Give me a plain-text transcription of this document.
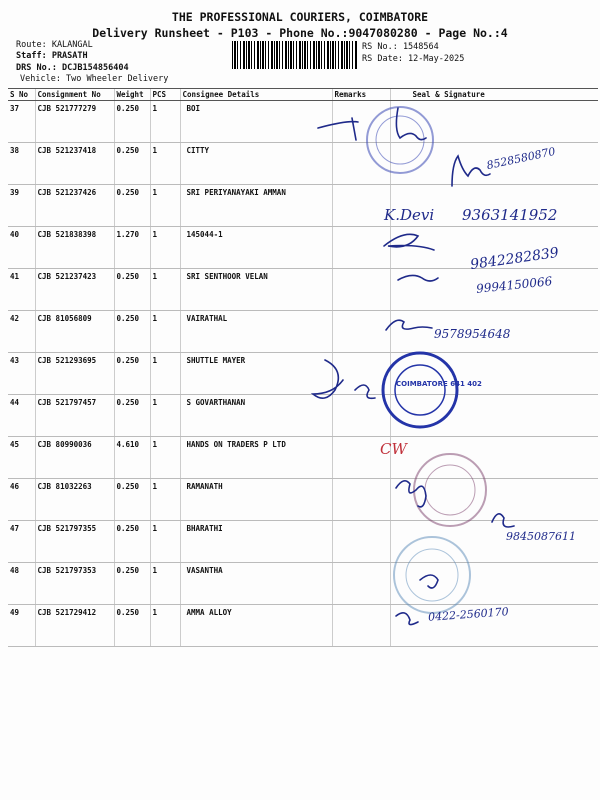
THE PROFESSIONAL COURIERS, COIMBATORE
Delivery Runsheet - P103 - Phone No.:9047080280 - Page No.:4
Route: KALANGAL
Staff: PRASATH
DRS No.: DCJB154856404
Vehicle: Two Wheeler Delivery
RS No.: 1548564
RS Date: 12-May-2025
S No	Consignment No	Weight	PCS	Consignee Details	Remarks	Seal & Signature
37	CJB 521777279	0.250	1	BOI		
38	CJB 521237418	0.250	1	CITTY		
39	CJB 521237426	0.250	1	SRI PERIYANAYAKI AMMAN		
40	CJB 521838398	1.270	1	145044-1		
41	CJB 521237423	0.250	1	SRI SENTHOOR VELAN		
42	CJB 81056809	0.250	1	VAIRATHAL		
43	CJB 521293695	0.250	1	SHUTTLE MAYER		
44	CJB 521797457	0.250	1	S GOVARTHANAN		
45	CJB 80990036	4.610	1	HANDS ON TRADERS P LTD		
46	CJB 81032263	0.250	1	RAMANATH		
47	CJB 521797355	0.250	1	BHARATHI		
48	CJB 521797353	0.250	1	VASANTHA		
49	CJB 521729412	0.250	1	AMMA ALLOY		
8528580870
K.Devi 9363141952
9842282839
9994150066
9578954648
CW
9845087611
0422-2560170
COIMBATORE 641 402
